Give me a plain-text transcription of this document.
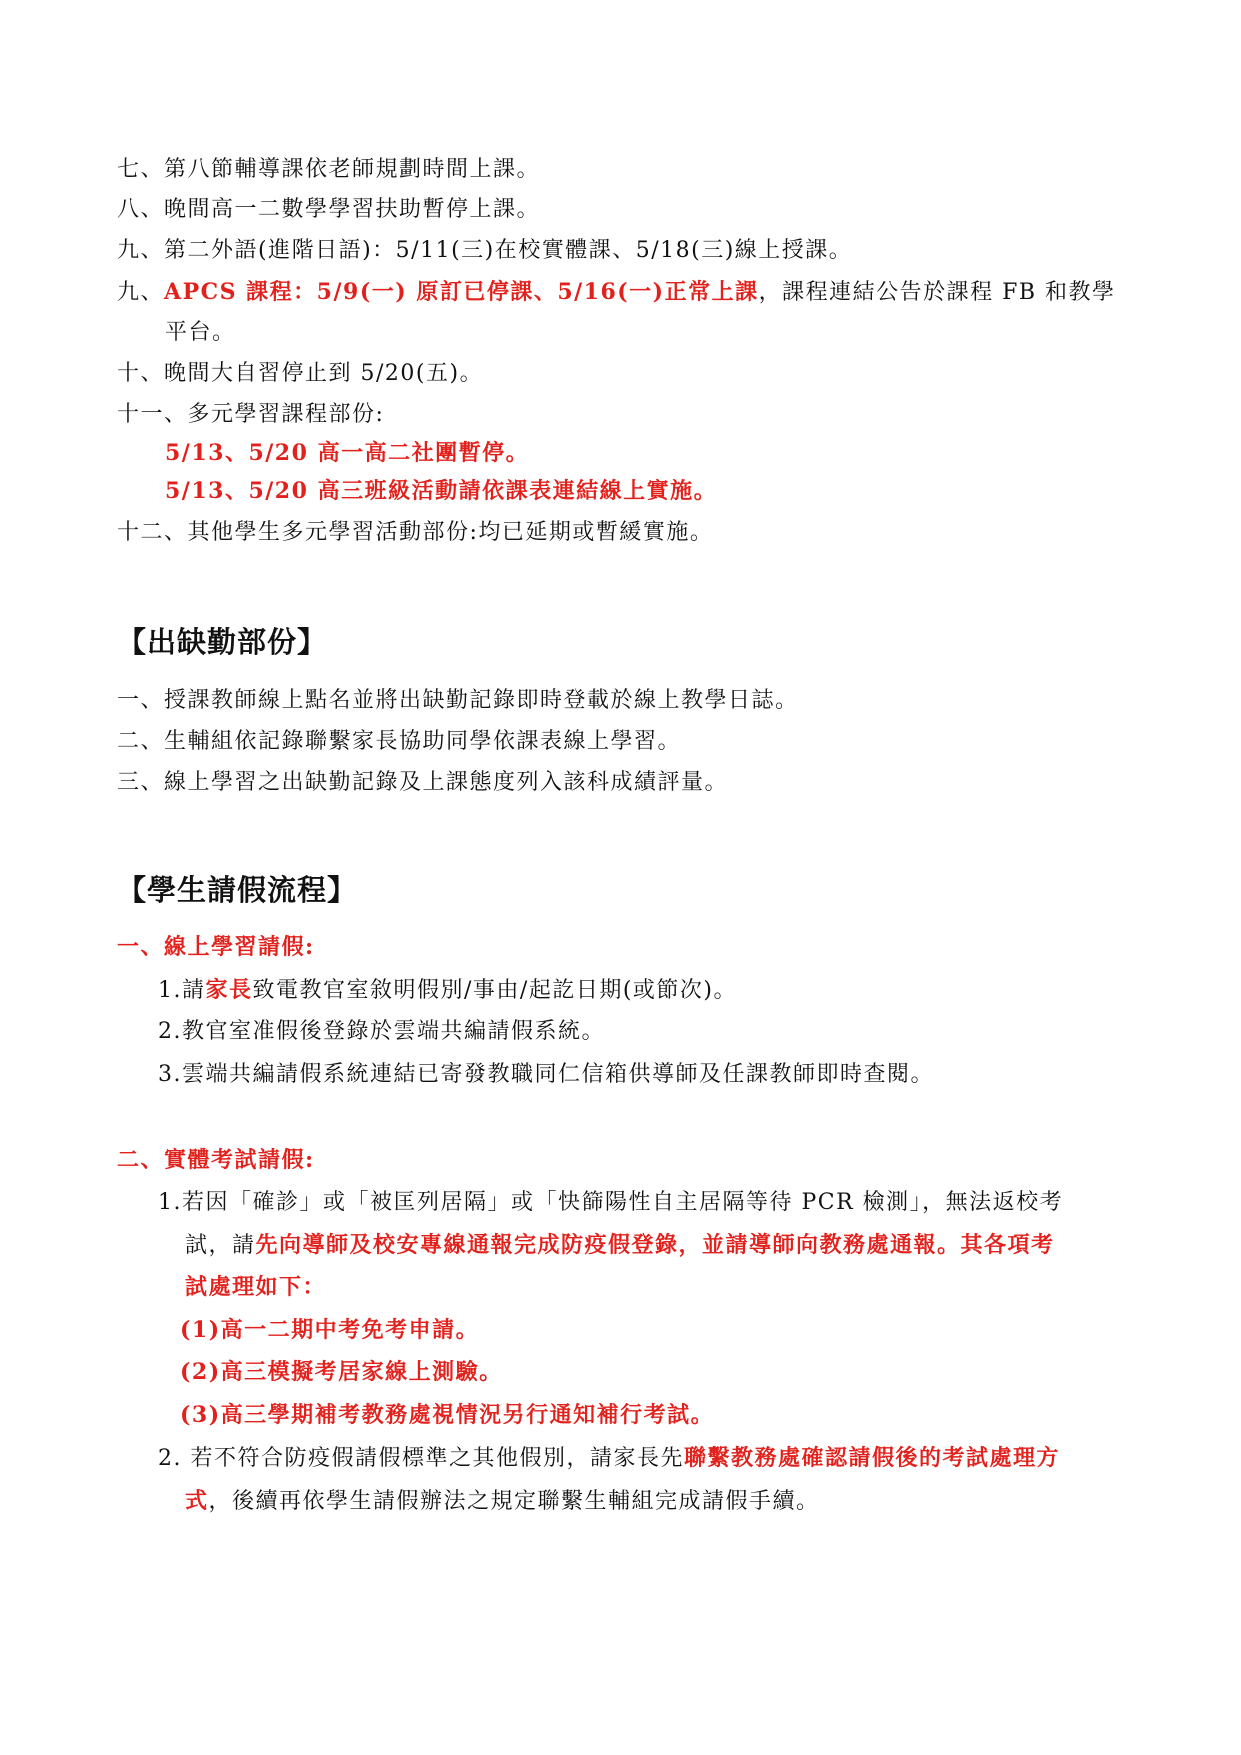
七、第八節輔導課依老師規劃時間上課。
八、晚間高一二數學學習扶助暫停上課。
九、第二外語(進階日語)：5/11(三)在校實體課、5/18(三)線上授課。
九、APCS 課程：5/9(一) 原訂已停課、5/16(一)正常上課，課程連結公告於課程 FB 和教學
平台。
十、晚間大自習停止到 5/20(五)。
十一、多元學習課程部份:
5/13、5/20 高一高二社團暫停。
5/13、5/20 高三班級活動請依課表連結線上實施。
十二、其他學生多元學習活動部份:均已延期或暫緩實施。
【出缺勤部份】
一、授課教師線上點名並將出缺勤記錄即時登載於線上教學日誌。
二、生輔組依記錄聯繫家長協助同學依課表線上學習。
三、線上學習之出缺勤記錄及上課態度列入該科成績評量。
【學生請假流程】
一、線上學習請假:
1.請家長致電教官室敘明假別/事由/起訖日期(或節次)。
2.教官室准假後登錄於雲端共編請假系統。
3.雲端共編請假系統連結已寄發教職同仁信箱供導師及任課教師即時查閱。
二、實體考試請假:
1.若因「確診」或「被匡列居隔」或「快篩陽性自主居隔等待 PCR 檢測」，無法返校考
試，請先向導師及校安專線通報完成防疫假登錄，並請導師向教務處通報。其各項考
試處理如下：
(1)高一二期中考免考申請。
(2)高三模擬考居家線上測驗。
(3)高三學期補考教務處視情況另行通知補行考試。
2. 若不符合防疫假請假標準之其他假別，請家長先聯繫教務處確認請假後的考試處理方
式，後續再依學生請假辦法之規定聯繫生輔組完成請假手續。
